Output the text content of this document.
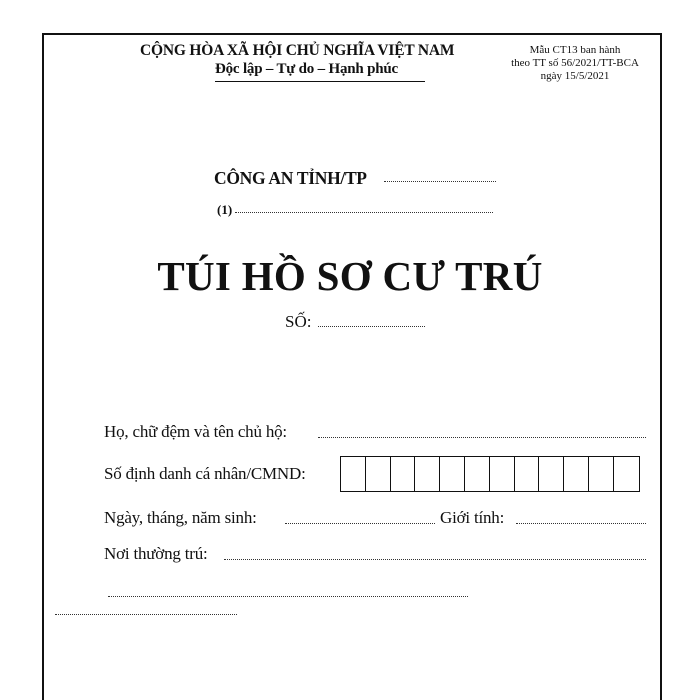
CỘNG HÒA XÃ HỘI CHỦ NGHĨA VIỆT NAM
Độc lập – Tự do – Hạnh phúc
Mẫu CT13 ban hành
theo TT số 56/2021/TT-BCA
ngày 15/5/2021
CÔNG AN TỈNH/TP
(1)
TÚI HỒ SƠ CƯ TRÚ
SỐ:
Họ, chữ đệm và tên chủ hộ:
Số định danh cá nhân/CMND:
Ngày, tháng, năm sinh:	Giới tính:
Nơi thường trú:
